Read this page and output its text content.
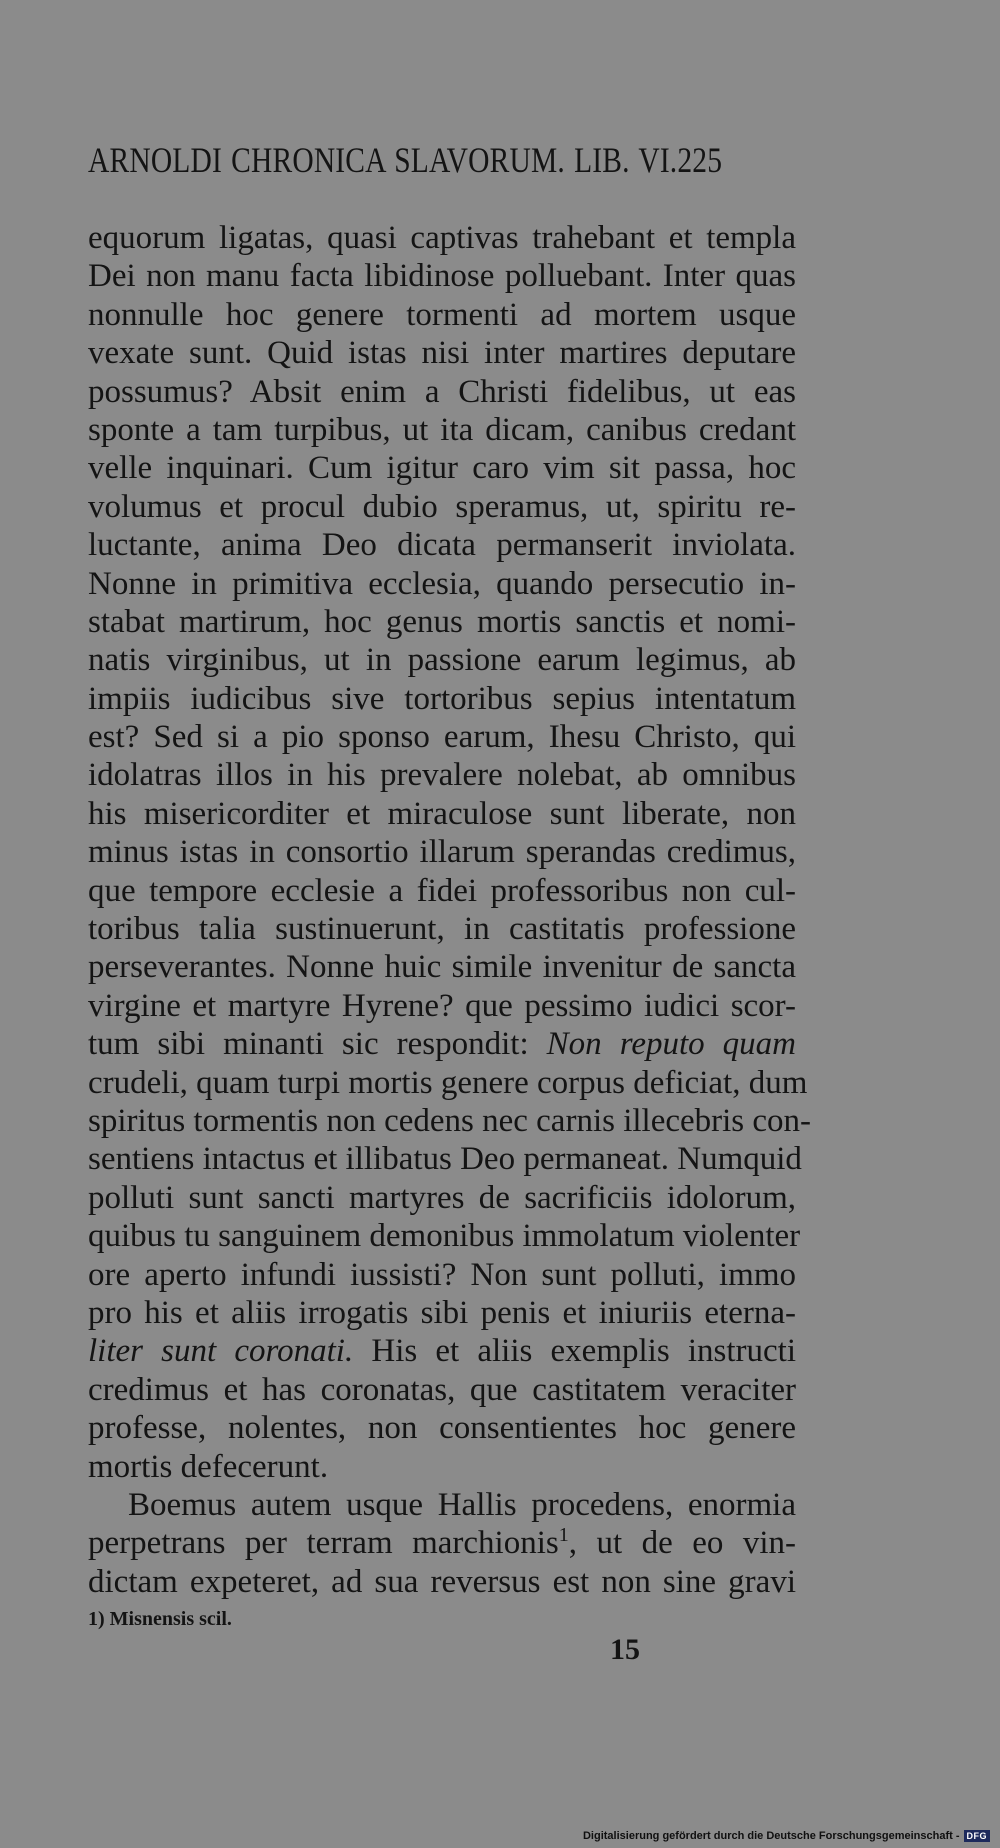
ARNOLDI CHRONICA SLAVORUM. LIB. VI. 225
equorum ligatas, quasi captivas trahebant et templa
Dei non manu facta libidinose polluebant. Inter quas
nonnulle hoc genere tormenti ad mortem usque
vexate sunt. Quid istas nisi inter martires deputare
possumus? Absit enim a Christi fidelibus, ut eas
sponte a tam turpibus, ut ita dicam, canibus credant
velle inquinari. Cum igitur caro vim sit passa, hoc
volumus et procul dubio speramus, ut, spiritu re-
luctante, anima Deo dicata permanserit inviolata.
Nonne in primitiva ecclesia, quando persecutio in-
stabat martirum, hoc genus mortis sanctis et nomi-
natis virginibus, ut in passione earum legimus, ab
impiis iudicibus sive tortoribus sepius intentatum
est? Sed si a pio sponso earum, Ihesu Christo, qui
idolatras illos in his prevalere nolebat, ab omnibus
his misericorditer et miraculose sunt liberate, non
minus istas in consortio illarum sperandas credimus,
que tempore ecclesie a fidei professoribus non cul-
toribus talia sustinuerunt, in castitatis professione
perseverantes. Nonne huic simile invenitur de sancta
virgine et martyre Hyrene? que pessimo iudici scor-
tum sibi minanti sic respondit: Non reputo quam
crudeli, quam turpi mortis genere corpus deficiat, dum
spiritus tormentis non cedens nec carnis illecebris con-
sentiens intactus et illibatus Deo permaneat. Numquid
polluti sunt sancti martyres de sacrificiis idolorum,
quibus tu sanguinem demonibus immolatum violenter
ore aperto infundi iussisti? Non sunt polluti, immo
pro his et aliis irrogatis sibi penis et iniuriis eterna-
liter sunt coronati. His et aliis exemplis instructi
credimus et has coronatas, que castitatem veraciter
professe, nolentes, non consentientes hoc genere
mortis defecerunt.
Boemus autem usque Hallis procedens, enormia
perpetrans per terram marchionis$^1$, ut de eo vin-
dictam expeteret, ad sua reversus est non sine gravi
1) Misnensis scil.
15
Digitalisierung gefördert durch die Deutsche Forschungsgemeinschaft - DFG
